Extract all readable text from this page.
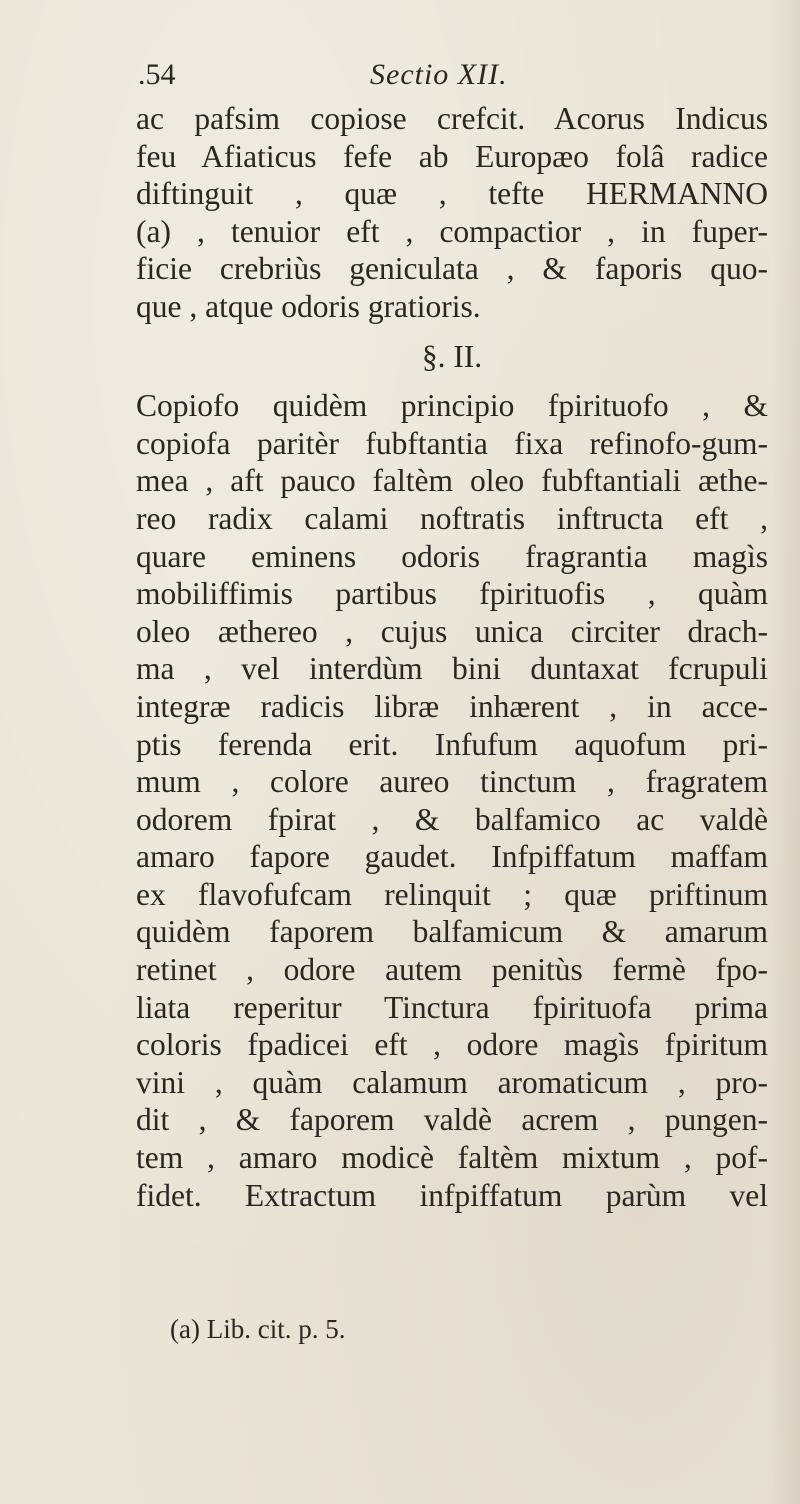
.54	Sectio XII.
ac pafsim copiose crefcit. Acorus Indicus
feu Afiaticus fefe ab Europæo folâ radice
diftinguit , quæ , tefte HERMANNO
(a) , tenuior eft , compactior , in fuper-
ficie crebriùs geniculata , & faporis quo-
que , atque odoris gratioris.
§. II.
Copiofo quidèm principio fpirituofo , &
copiofa paritèr fubftantia fixa refinofo-gum-
mea , aft pauco faltèm oleo fubftantiali æthe-
reo radix calami noftratis inftructa eft ,
quare eminens odoris fragrantia magìs
mobiliffimis partibus fpirituofis , quàm
oleo æthereo , cujus unica circiter drach-
ma , vel interdùm bini duntaxat fcrupuli
integræ radicis libræ inhærent , in acce-
ptis ferenda erit. Infufum aquofum pri-
mum , colore aureo tinctum , fragratem
odorem fpirat , & balfamico ac valdè
amaro fapore gaudet. Infpiffatum maffam
ex flavofufcam relinquit ; quæ priftinum
quidèm faporem balfamicum & amarum
retinet , odore autem penitùs fermè fpo-
liata reperitur Tinctura fpirituofa prima
coloris fpadicei eft , odore magìs fpiritum
vini , quàm calamum aromaticum , pro-
dit , & faporem valdè acrem , pungen-
tem , amaro modicè faltèm mixtum , pof-
fidet. Extractum infpiffatum parùm vel
(a) Lib. cit. p. 5.
